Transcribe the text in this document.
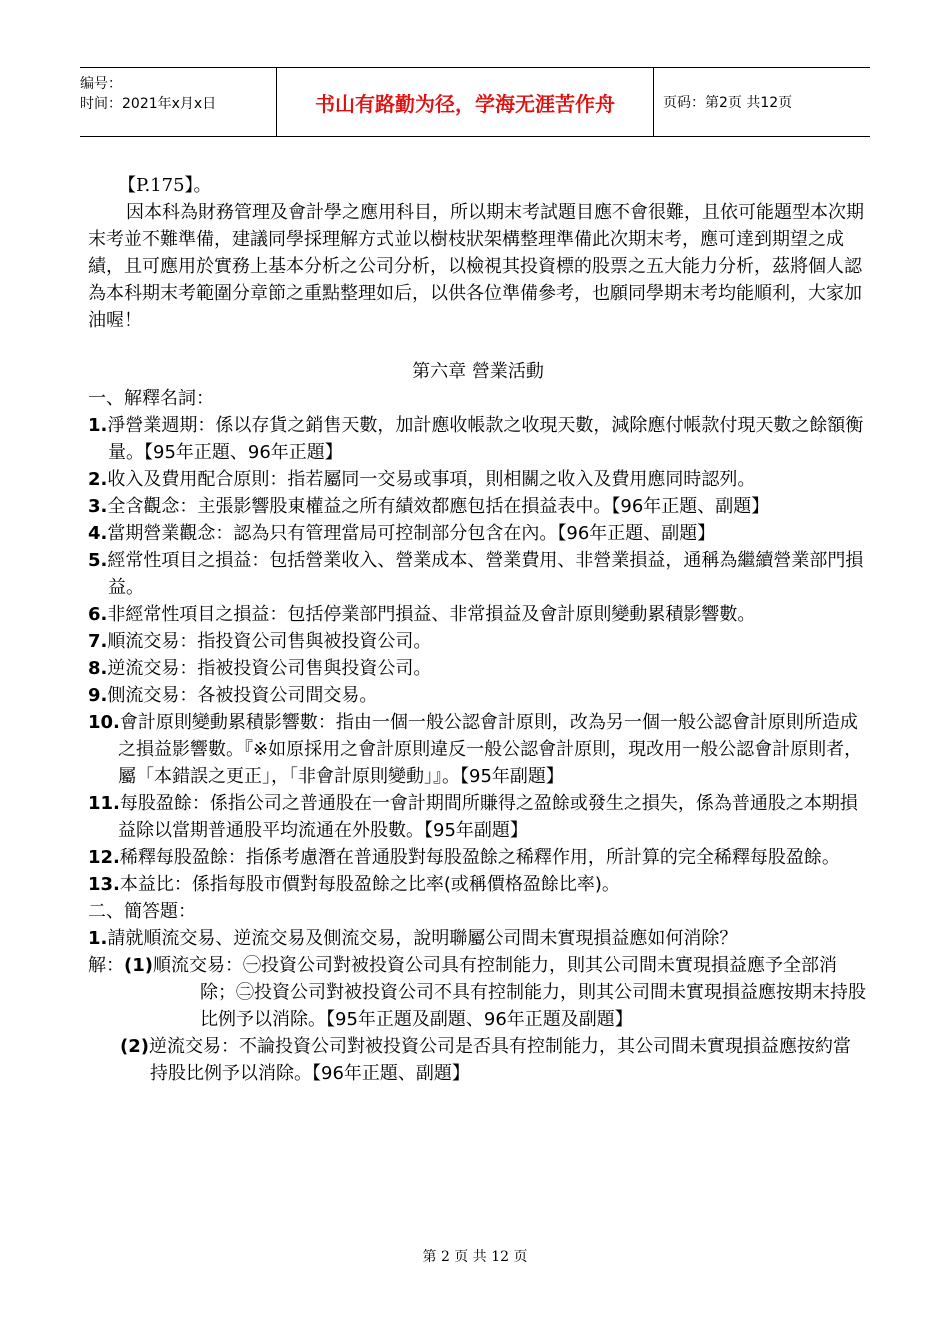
编号：
时间：2021年x月x日	书山有路勤为径，学海无涯苦作舟	页码：第2页 共12页

【P.175】。

因本科為財務管理及會計學之應用科目，所以期末考試題目應不會很難，且依可能題型本次期末考並不難準備，建議同學採理解方式並以樹枝狀架構整理準備此次期末考，應可達到期望之成績，且可應用於實務上基本分析之公司分析，以檢視其投資標的股票之五大能力分析，茲將個人認為本科期末考範圍分章節之重點整理如后，以供各位準備參考，也願同學期末考均能順利，大家加油喔！

第六章 營業活動

一、解釋名詞：

1.淨營業週期：係以存貨之銷售天數，加計應收帳款之收現天數，減除應付帳款付現天數之餘額衡量。【95年正題、96年正題】

2.收入及費用配合原則：指若屬同一交易或事項，則相關之收入及費用應同時認列。

3.全含觀念：主張影響股東權益之所有績效都應包括在損益表中。【96年正題、副題】

4.當期營業觀念：認為只有管理當局可控制部分包含在內。【96年正題、副題】

5.經常性項目之損益：包括營業收入、營業成本、營業費用、非營業損益，通稱為繼續營業部門損益。

6.非經常性項目之損益：包括停業部門損益、非常損益及會計原則變動累積影響數。

7.順流交易：指投資公司售與被投資公司。

8.逆流交易：指被投資公司售與投資公司。

9.側流交易：各被投資公司間交易。

10.會計原則變動累積影響數：指由一個一般公認會計原則，改為另一個一般公認會計原則所造成之損益影響數。『※如原採用之會計原則違反一般公認會計原則，現改用一般公認會計原則者，屬「本錯誤之更正」，「非會計原則變動」』。【95年副題】

11.每股盈餘：係指公司之普通股在一會計期間所賺得之盈餘或發生之損失，係為普通股之本期損益除以當期普通股平均流通在外股數。【95年副題】

12.稀釋每股盈餘：指係考慮潛在普通股對每股盈餘之稀釋作用，所計算的完全稀釋每股盈餘。

13.本益比：係指每股市價對每股盈餘之比率(或稱價格盈餘比率)。

二、簡答題：

1.請就順流交易、逆流交易及側流交易，說明聯屬公司間未實現損益應如何消除？

解：(1)順流交易：㊀投資公司對被投資公司具有控制能力，則其公司間未實現損益應予全部消除；㊁投資公司對被投資公司不具有控制能力，則其公司間未實現損益應按期末持股比例予以消除。【95年正題及副題、96年正題及副題】

(2)逆流交易：不論投資公司對被投資公司是否具有控制能力，其公司間未實現損益應按約當持股比例予以消除。【96年正題、副題】

第 2 页 共 12 页
